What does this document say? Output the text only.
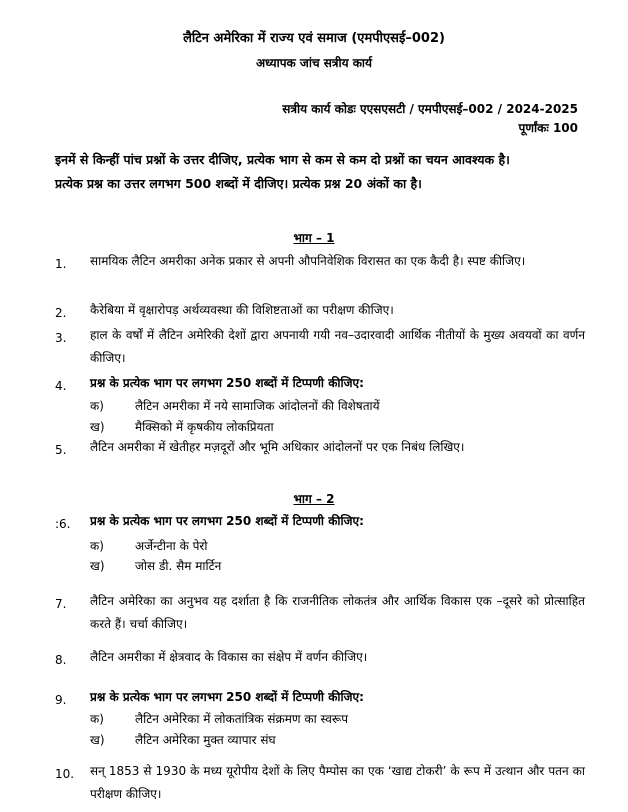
लैटिन अमेरिका में राज्य एवं समाज (एमपीएसई–002)
अध्यापक जांच सत्रीय कार्य
सत्रीय कार्य कोडः एएसएसटी / एमपीएसई–002 / 2024-2025
पूर्णांकः 100
इनमें से किन्हीं पांच प्रश्नों के उत्तर दीजिए, प्रत्येक भाग से कम से कम दो प्रश्नों का चयन आवश्यक है।
प्रत्येक प्रश्न का उत्तर लगभग 500 शब्दों में दीजिए। प्रत्येक प्रश्न 20 अंकों का है।
भाग – 1
1. सामयिक लैटिन अमरीका अनेक प्रकार से अपनी औपनिवेशिक विरासत का एक कैदी है। स्पष्ट कीजिए।
2. कैरेबिया में वृक्षारोपड़ अर्थव्यवस्था की विशिष्टताओं का परीक्षण कीजिए।
3. हाल के वर्षों में लैटिन अमेरिकी देशों द्वारा अपनायी गयी नव–उदारवादी आर्थिक नीतीयों के मुख्य अवयवों का वर्णन कीजिए।
4. प्रश्न के प्रत्येक भाग पर लगभग 250 शब्दों में टिप्पणी कीजिए:
क)	लैटिन अमरीका में नये सामाजिक आंदोलनों की विशेषतायें
ख)	मैक्सिको में कृषकीय लोकप्रियता
5. लैटिन अमरीका में खेतीहर मज़दूरों और भूमि अधिकार आंदोलनों पर एक निबंध लिखिए।
भाग – 2
:6. प्रश्न के प्रत्येक भाग पर लगभग 250 शब्दों में टिप्पणी कीजिए:
क)	अर्जेन्टीना के पेरो
ख)	जोस डी. सैम मार्टिन
7. लैटिन अमेरिका का अनुभव यह दर्शाता है कि राजनीतिक लोकतंत्र और आर्थिक विकास एक –दूसरे को प्रोत्साहित करते हैं। चर्चा कीजिए।
8. लैटिन अमरीका में क्षेत्रवाद के विकास का संक्षेप में वर्णन कीजिए।
9. प्रश्न के प्रत्येक भाग पर लगभग 250 शब्दों में टिप्पणी कीजिए:
क)	लैटिन अमेरिका में लोकतांत्रिक संक्रमण का स्वरूप
ख)	लैटिन अमेरिका मुक्त व्यापार संघ
10. सन् 1853 से 1930 के मध्य यूरोपीय देशों के लिए पैम्पोस का एक ‘खाद्य टोकरी’ के रूप में उत्थान और पतन का परीक्षण कीजिए।
